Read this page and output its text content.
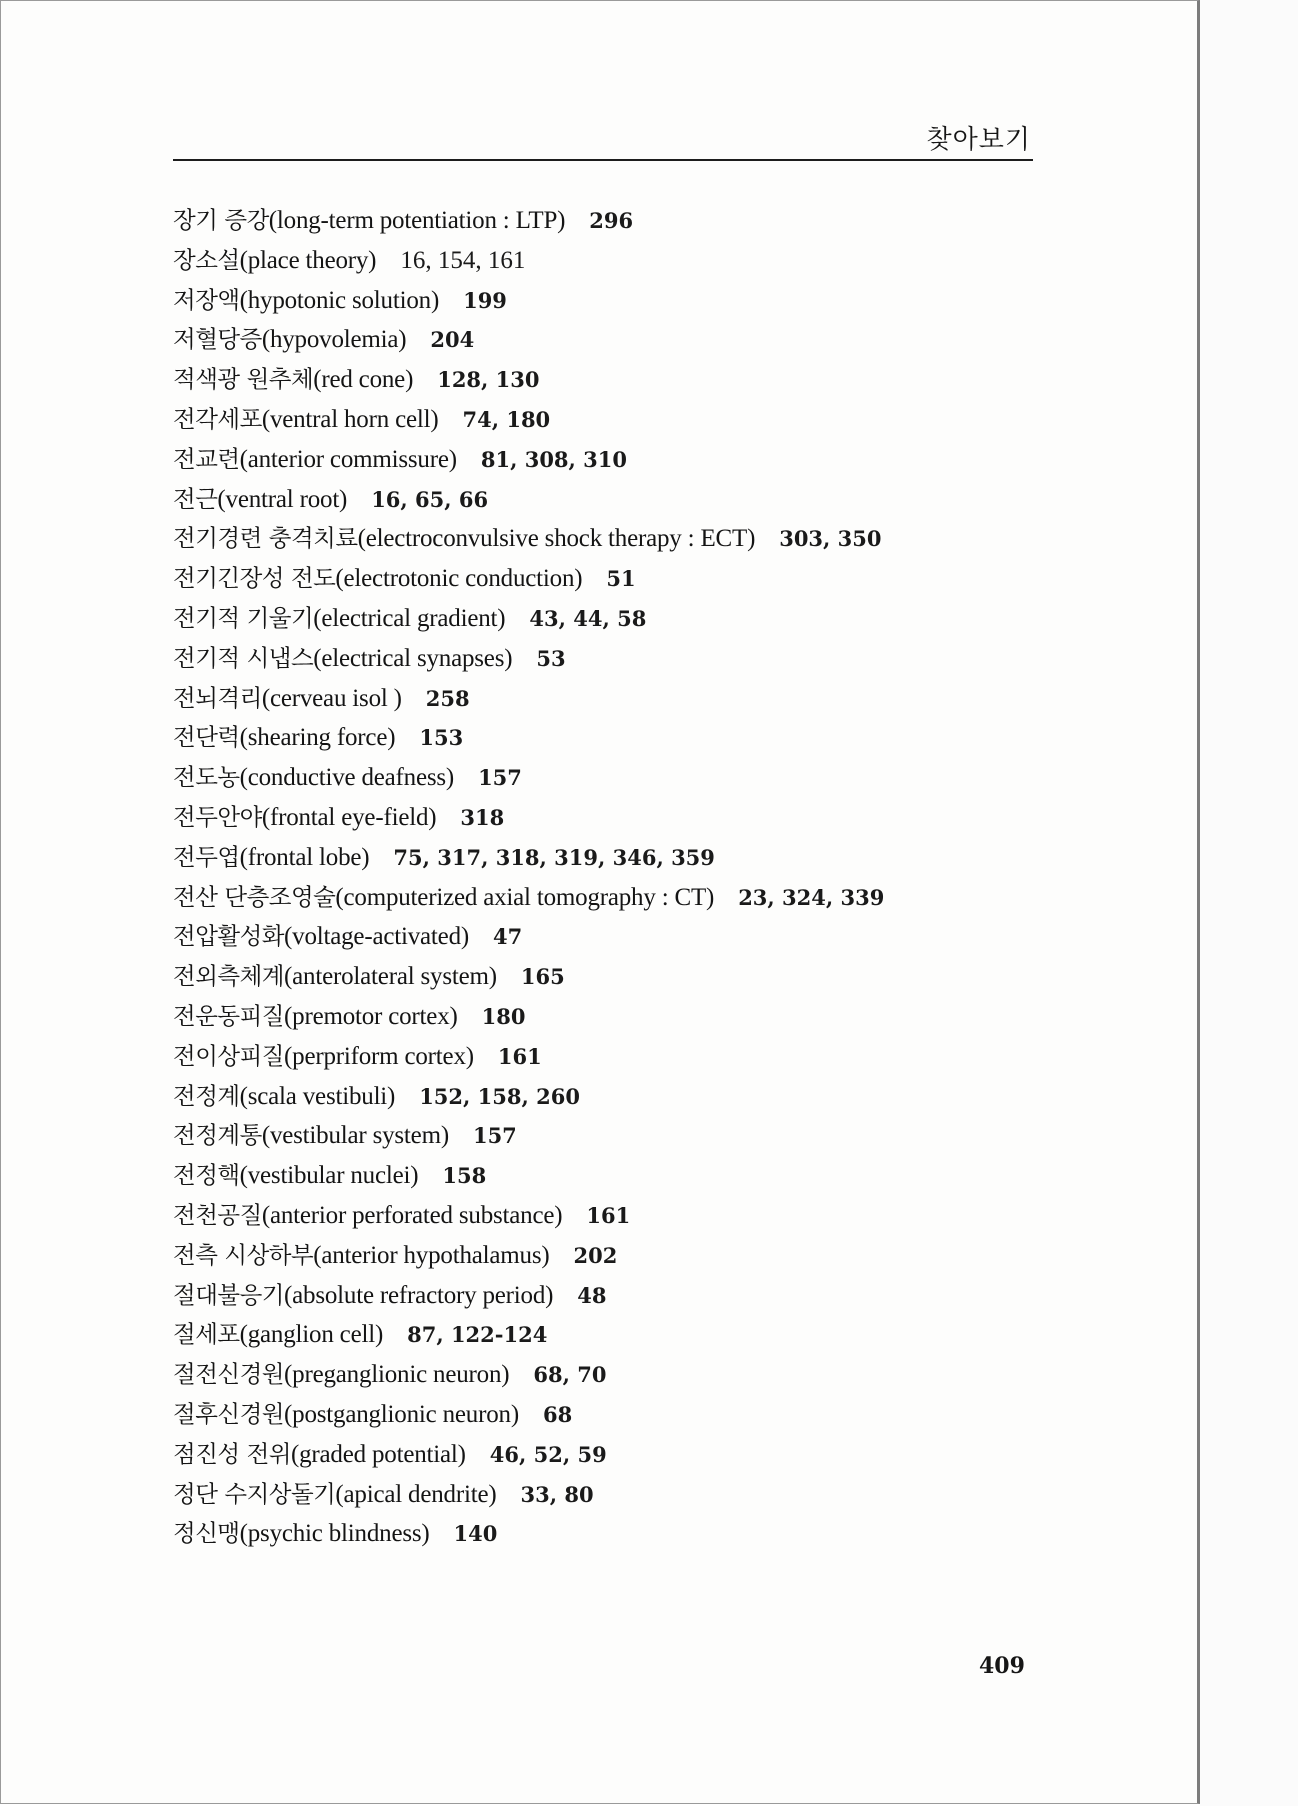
찾아보기
장기 증강(long-term potentiation : LTP) 296
장소설(place theory) 16, 154, 161
저장액(hypotonic solution) 199
저혈당증(hypovolemia) 204
적색광 원추체(red cone) 128, 130
전각세포(ventral horn cell) 74, 180
전교련(anterior commissure) 81, 308, 310
전근(ventral root) 16, 65, 66
전기경련 충격치료(electroconvulsive shock therapy : ECT) 303, 350
전기긴장성 전도(electrotonic conduction) 51
전기적 기울기(electrical gradient) 43, 44, 58
전기적 시냅스(electrical synapses) 53
전뇌격리(cerveau isol ) 258
전단력(shearing force) 153
전도농(conductive deafness) 157
전두안야(frontal eye-field) 318
전두엽(frontal lobe) 75, 317, 318, 319, 346, 359
전산 단층조영술(computerized axial tomography : CT) 23, 324, 339
전압활성화(voltage-activated) 47
전외측체계(anterolateral system) 165
전운동피질(premotor cortex) 180
전이상피질(perpriform cortex) 161
전정계(scala vestibuli) 152, 158, 260
전정계통(vestibular system) 157
전정핵(vestibular nuclei) 158
전천공질(anterior perforated substance) 161
전측 시상하부(anterior hypothalamus) 202
절대불응기(absolute refractory period) 48
절세포(ganglion cell) 87, 122-124
절전신경원(preganglionic neuron) 68, 70
절후신경원(postganglionic neuron) 68
점진성 전위(graded potential) 46, 52, 59
정단 수지상돌기(apical dendrite) 33, 80
정신맹(psychic blindness) 140
409
